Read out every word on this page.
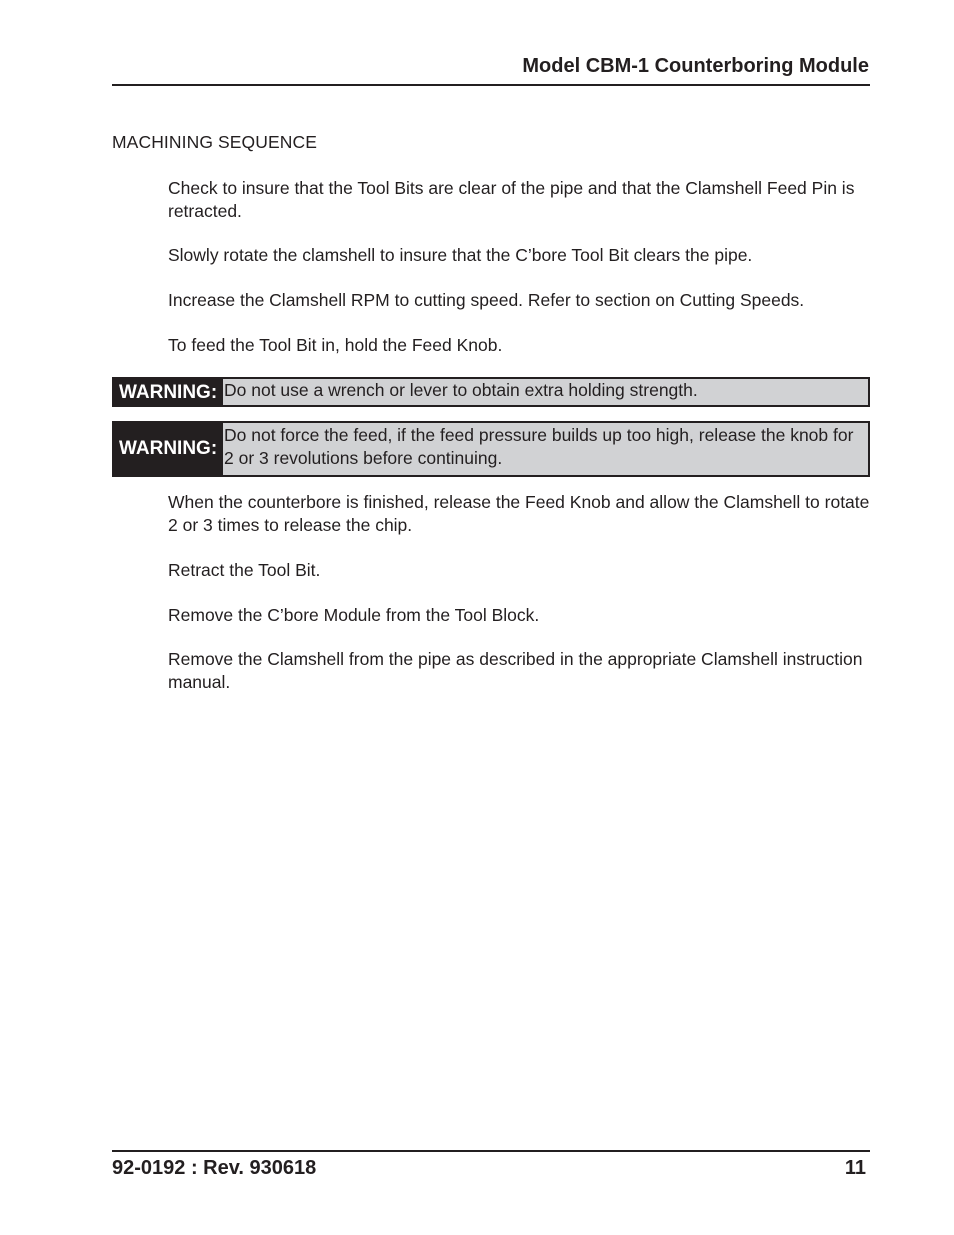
Model CBM-1 Counterboring Module
MACHINING SEQUENCE
Check to insure that the Tool Bits are clear of the pipe and that the Clamshell Feed Pin is retracted.
Slowly rotate the clamshell to insure that the C’bore Tool Bit clears the pipe.
Increase the Clamshell RPM to cutting speed. Refer to section on Cutting Speeds.
To feed the Tool Bit in, hold the Feed Knob.
WARNING: Do not use a wrench or lever to obtain extra holding strength.
WARNING:
Do not force the feed, if the feed pressure builds up too high, release the knob for 2 or 3 revolutions before continuing.
When the counterbore is finished, release the Feed Knob and allow the Clamshell to rotate 2 or 3 times to release the chip.
Retract the Tool Bit.
Remove the C’bore Module from the Tool Block.
Remove the Clamshell from the pipe as described in the appropriate Clamshell instruction manual.
92-0192 : Rev. 930618	11
